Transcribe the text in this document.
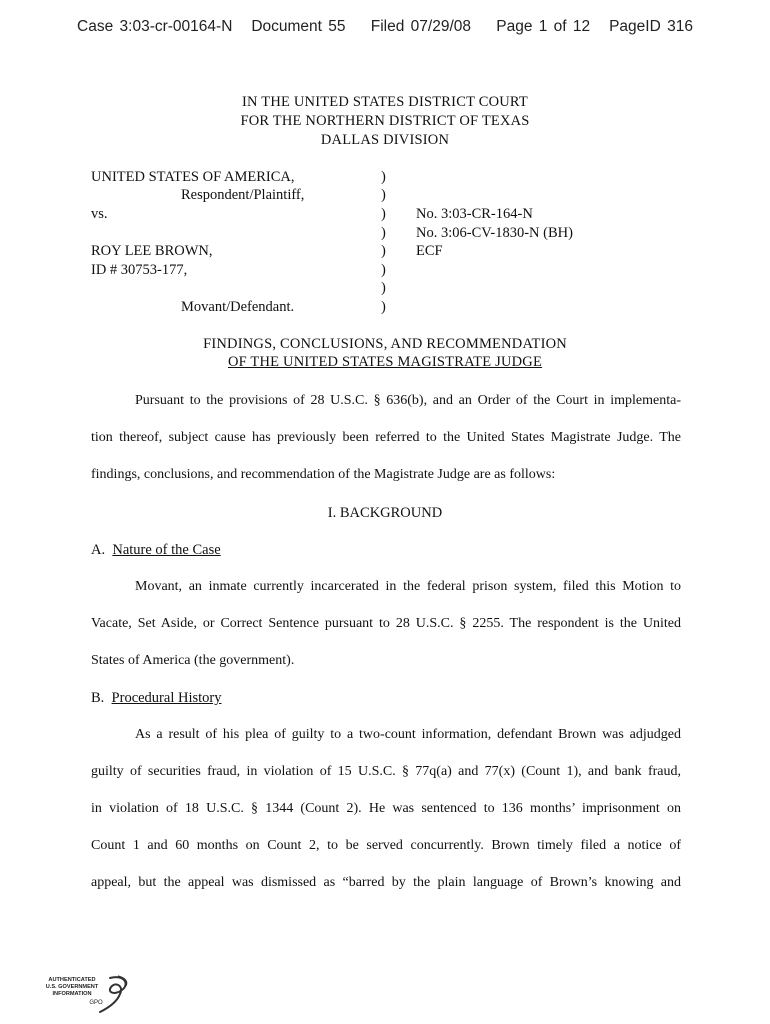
Case 3:03-cr-00164-N Document 55 Filed 07/29/08 Page 1 of 12 PageID 316
IN THE UNITED STATES DISTRICT COURT
FOR THE NORTHERN DISTRICT OF TEXAS
DALLAS DIVISION
UNITED STATES OF AMERICA,
Respondent/Plaintiff,
vs.
ROY LEE BROWN,
ID # 30753-177,
Movant/Defendant.
)
)
)
)
)
)
)
)
No. 3:03-CR-164-N
No. 3:06-CV-1830-N (BH)
ECF
FINDINGS, CONCLUSIONS, AND RECOMMENDATION
OF THE UNITED STATES MAGISTRATE JUDGE
Pursuant to the provisions of 28 U.S.C. § 636(b), and an Order of the Court in implementa-
tion thereof, subject cause has previously been referred to the United States Magistrate Judge. The
findings, conclusions, and recommendation of the Magistrate Judge are as follows:
I. BACKGROUND
A. Nature of the Case
Movant, an inmate currently incarcerated in the federal prison system, filed this Motion to
Vacate, Set Aside, or Correct Sentence pursuant to 28 U.S.C. § 2255. The respondent is the United
States of America (the government).
B. Procedural History
As a result of his plea of guilty to a two-count information, defendant Brown was adjudged
guilty of securities fraud, in violation of 15 U.S.C. § 77q(a) and 77(x) (Count 1), and bank fraud,
in violation of 18 U.S.C. § 1344 (Count 2). He was sentenced to 136 months’ imprisonment on
Count 1 and 60 months on Count 2, to be served concurrently. Brown timely filed a notice of
appeal, but the appeal was dismissed as “barred by the plain language of Brown’s knowing and
AUTHENTICATED
U.S. GOVERNMENT
INFORMATION
GPO
